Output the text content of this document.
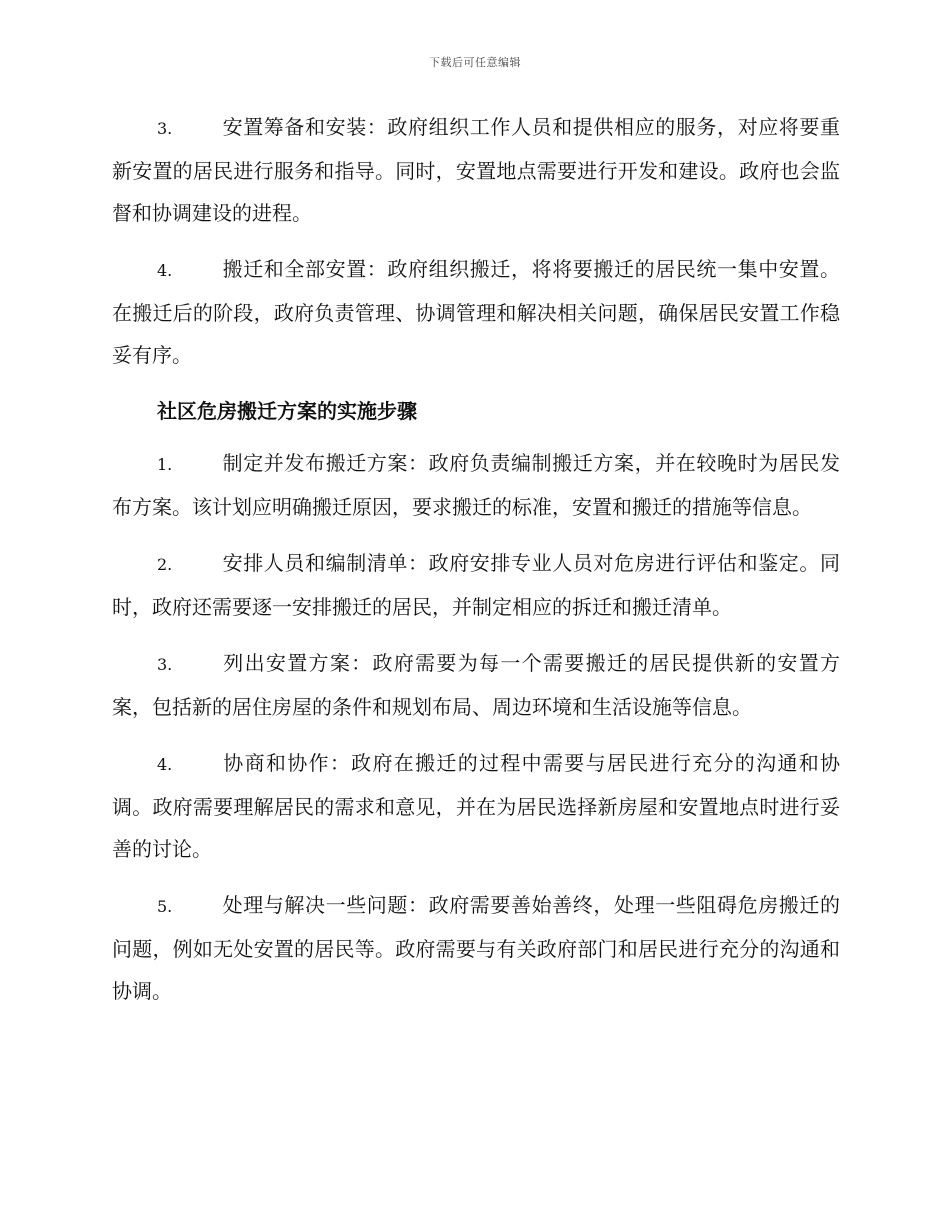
下载后可任意编辑

3. 安置筹备和安装：政府组织工作人员和提供相应的服务，对应将要重新安置的居民进行服务和指导。同时，安置地点需要进行开发和建设。政府也会监督和协调建设的进程。

4. 搬迁和全部安置：政府组织搬迁，将将要搬迁的居民统一集中安置。在搬迁后的阶段，政府负责管理、协调管理和解决相关问题，确保居民安置工作稳妥有序。

社区危房搬迁方案的实施步骤

1. 制定并发布搬迁方案：政府负责编制搬迁方案，并在较晚时为居民发布方案。该计划应明确搬迁原因，要求搬迁的标准，安置和搬迁的措施等信息。

2. 安排人员和编制清单：政府安排专业人员对危房进行评估和鉴定。同时，政府还需要逐一安排搬迁的居民，并制定相应的拆迁和搬迁清单。

3. 列出安置方案：政府需要为每一个需要搬迁的居民提供新的安置方案，包括新的居住房屋的条件和规划布局、周边环境和生活设施等信息。

4. 协商和协作：政府在搬迁的过程中需要与居民进行充分的沟通和协调。政府需要理解居民的需求和意见，并在为居民选择新房屋和安置地点时进行妥善的讨论。

5. 处理与解决一些问题：政府需要善始善终，处理一些阻碍危房搬迁的问题，例如无处安置的居民等。政府需要与有关政府部门和居民进行充分的沟通和协调。
